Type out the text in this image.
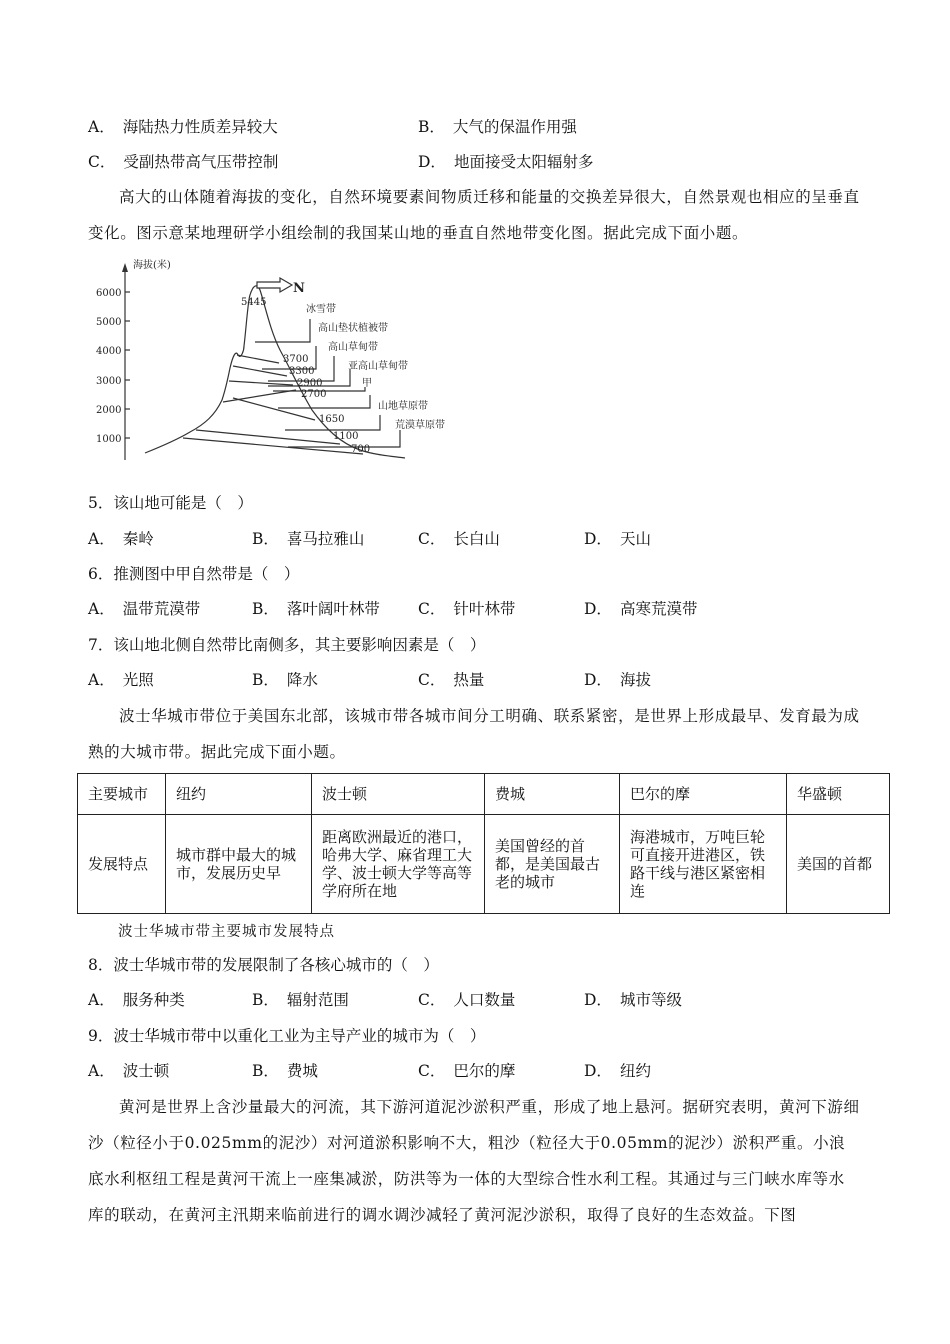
A． 海陆热力性质差异较大	B． 大气的保温作用强
C． 受副热带高气压带控制	D． 地面接受太阳辐射多
高大的山体随着海拔的变化，自然环境要素间物质迁移和能量的交换差异很大，自然景观也相应的呈垂直变化。图示意某地理研学小组绘制的我国某山地的垂直自然地带变化图。据此完成下面小题。
海拔(米)
6000
5000
4000
3000
2000
1000
N
5445
3700
3300
2900
2700
1650
1100
700
冰雪带
高山垫状植被带
高山草甸带
亚高山草甸带
甲
山地草原带
荒漠草原带
5．该山地可能是（　）
A． 秦岭	B． 喜马拉雅山	C． 长白山	D． 天山
6．推测图中甲自然带是（　）
A． 温带荒漠带	B． 落叶阔叶林带 C． 针叶林带	D． 高寒荒漠带
7．该山地北侧自然带比南侧多，其主要影响因素是（　）
A． 光照	B． 降水	C． 热量	D． 海拔
波士华城市带位于美国东北部，该城市带各城市间分工明确、联系紧密，是世界上形成最早、发育最为成熟的大城市带。据此完成下面小题。
主要城市	纽约	波士顿	费城	巴尔的摩	华盛顿
发展特点	城市群中最大的城市，发展历史早	距离欧洲最近的港口，哈弗大学、麻省理工大学、波士顿大学等高等学府所在地	美国曾经的首都，是美国最古老的城市	海港城市，万吨巨轮可直接开进港区，铁路干线与港区紧密相连	美国的首都
波士华城市带主要城市发展特点
8．波士华城市带的发展限制了各核心城市的（　）
A． 服务种类	B． 辐射范围	C． 人口数量	D． 城市等级
9．波士华城市带中以重化工业为主导产业的城市为（　）
A． 波士顿	B． 费城	C． 巴尔的摩	D． 纽约
黄河是世界上含沙量最大的河流，其下游河道泥沙淤积严重，形成了地上悬河。据研究表明，黄河下游细沙（粒径小于0.025mm的泥沙）对河道淤积影响不大，粗沙（粒径大于0.05mm的泥沙）淤积严重。小浪底水利枢纽工程是黄河干流上一座集减淤，防洪等为一体的大型综合性水利工程。其通过与三门峡水库等水库的联动，在黄河主汛期来临前进行的调水调沙减轻了黄河泥沙淤积，取得了良好的生态效益。下图
